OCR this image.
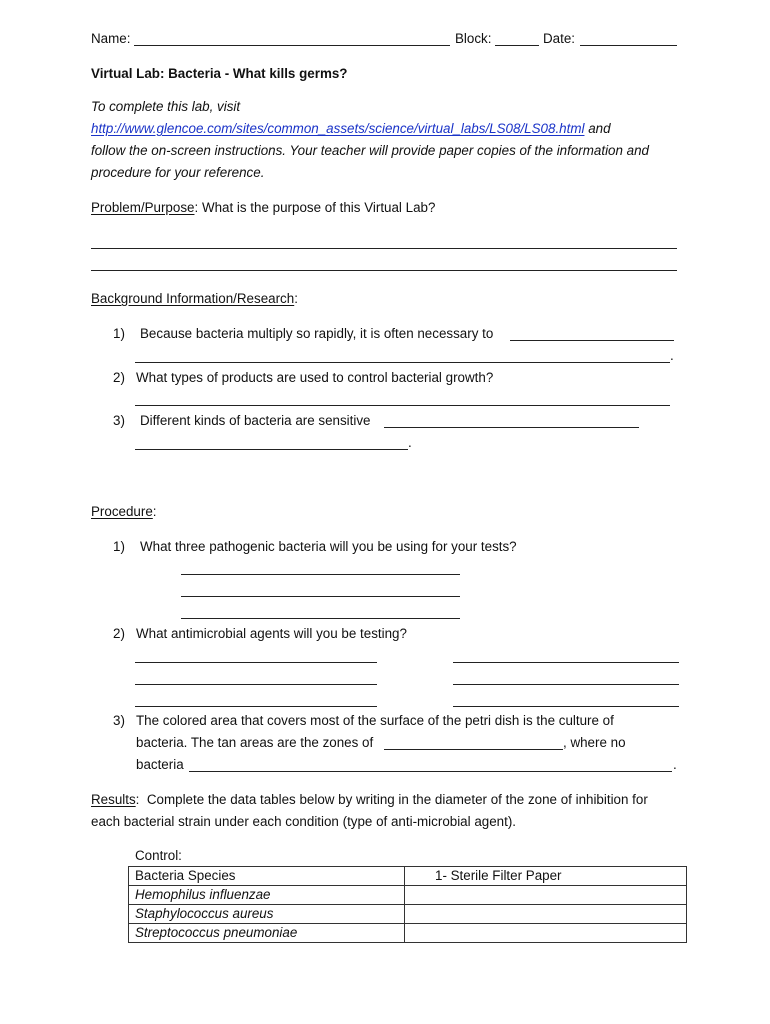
Name:	Block:	Date:
Virtual Lab: Bacteria - What kills germs?
To complete this lab, visit
http://www.glencoe.com/sites/common_assets/science/virtual_labs/LS08/LS08.html and
follow the on-screen instructions. Your teacher will provide paper copies of the information and
procedure for your reference.
Problem/Purpose: What is the purpose of this Virtual Lab?
Background Information/Research:
1) Because bacteria multiply so rapidly, it is often necessary to
.
2) What types of products are used to control bacterial growth?
3) Different kinds of bacteria are sensitive
.
Procedure:
1) What three pathogenic bacteria will you be using for your tests?
2) What antimicrobial agents will you be testing?
3) The colored area that covers most of the surface of the petri dish is the culture of
bacteria. The tan areas are the zones of	, where no
bacteria	.
Results: Complete the data tables below by writing in the diameter of the zone of inhibition for
each bacterial strain under each condition (type of anti-microbial agent).
Control:
Bacteria Species	1- Sterile Filter Paper
Hemophilus influenzae	
Staphylococcus aureus	
Streptococcus pneumoniae	
